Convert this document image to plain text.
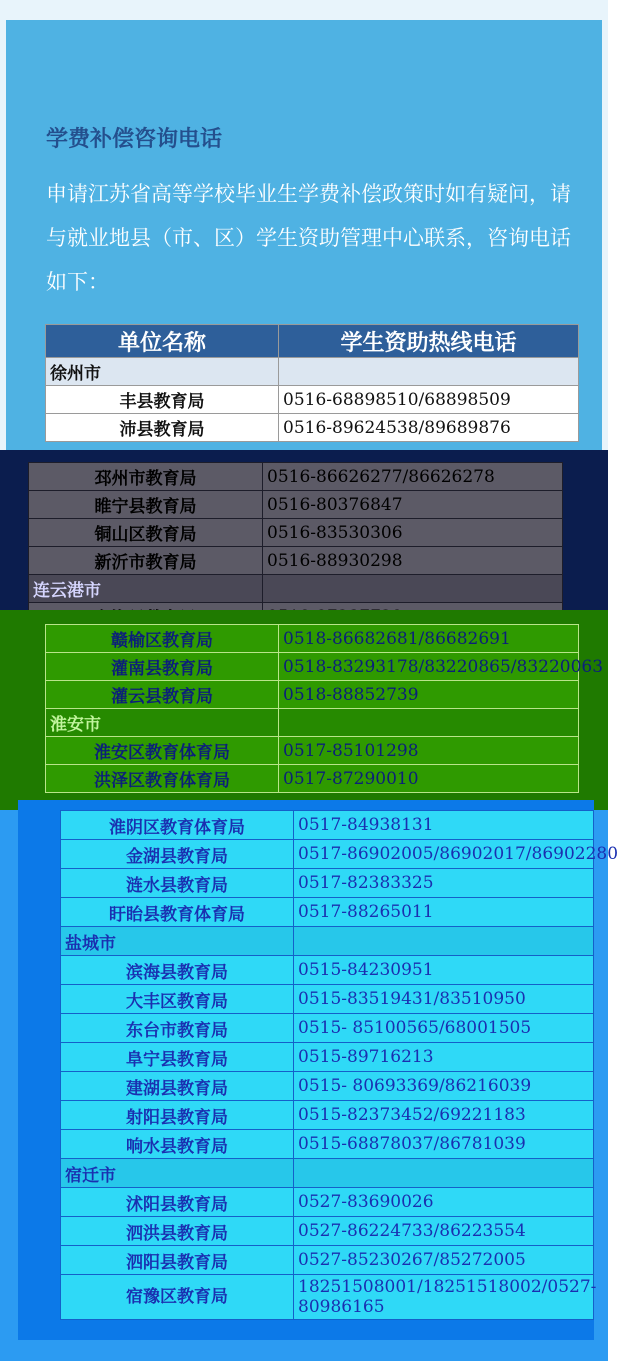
学费补偿咨询电话
申请江苏省高等学校毕业生学费补偿政策时如有疑问，请与就业地县（市、区）学生资助管理中心联系，咨询电话如下：
单位名称	学生资助热线电话
徐州市	
丰县教育局	0516-68898510/68898509
沛县教育局	0516-89624538/89689876
邳州市教育局	0516-86626277/86626278
睢宁县教育局	0516-80376847
铜山区教育局	0516-83530306
新沂市教育局	0516-88930298
连云港市	

赣榆区教育局	0518-86682681/86682691
灌南县教育局	0518-83293178/83220865/83220063
灌云县教育局	0518-88852739
淮安市	
淮安区教育体育局	0517-85101298
洪泽区教育体育局	0517-87290010
淮阴区教育体育局	0517-84938131
金湖县教育局	0517-86902005/86902017/86902280
涟水县教育局	0517-82383325
盱眙县教育体育局	0517-88265011
盐城市	
滨海县教育局	0515-84230951
大丰区教育局	0515-83519431/83510950
东台市教育局	0515- 85100565/68001505
阜宁县教育局	0515-89716213
建湖县教育局	0515- 80693369/86216039
射阳县教育局	0515-82373452/69221183
响水县教育局	0515-68878037/86781039
宿迁市	
沭阳县教育局	0527-83690026
泗洪县教育局	0527-86224733/86223554
泗阳县教育局	0527-85230267/85272005
宿豫区教育局	18251508001/18251518002/0527-80986165
